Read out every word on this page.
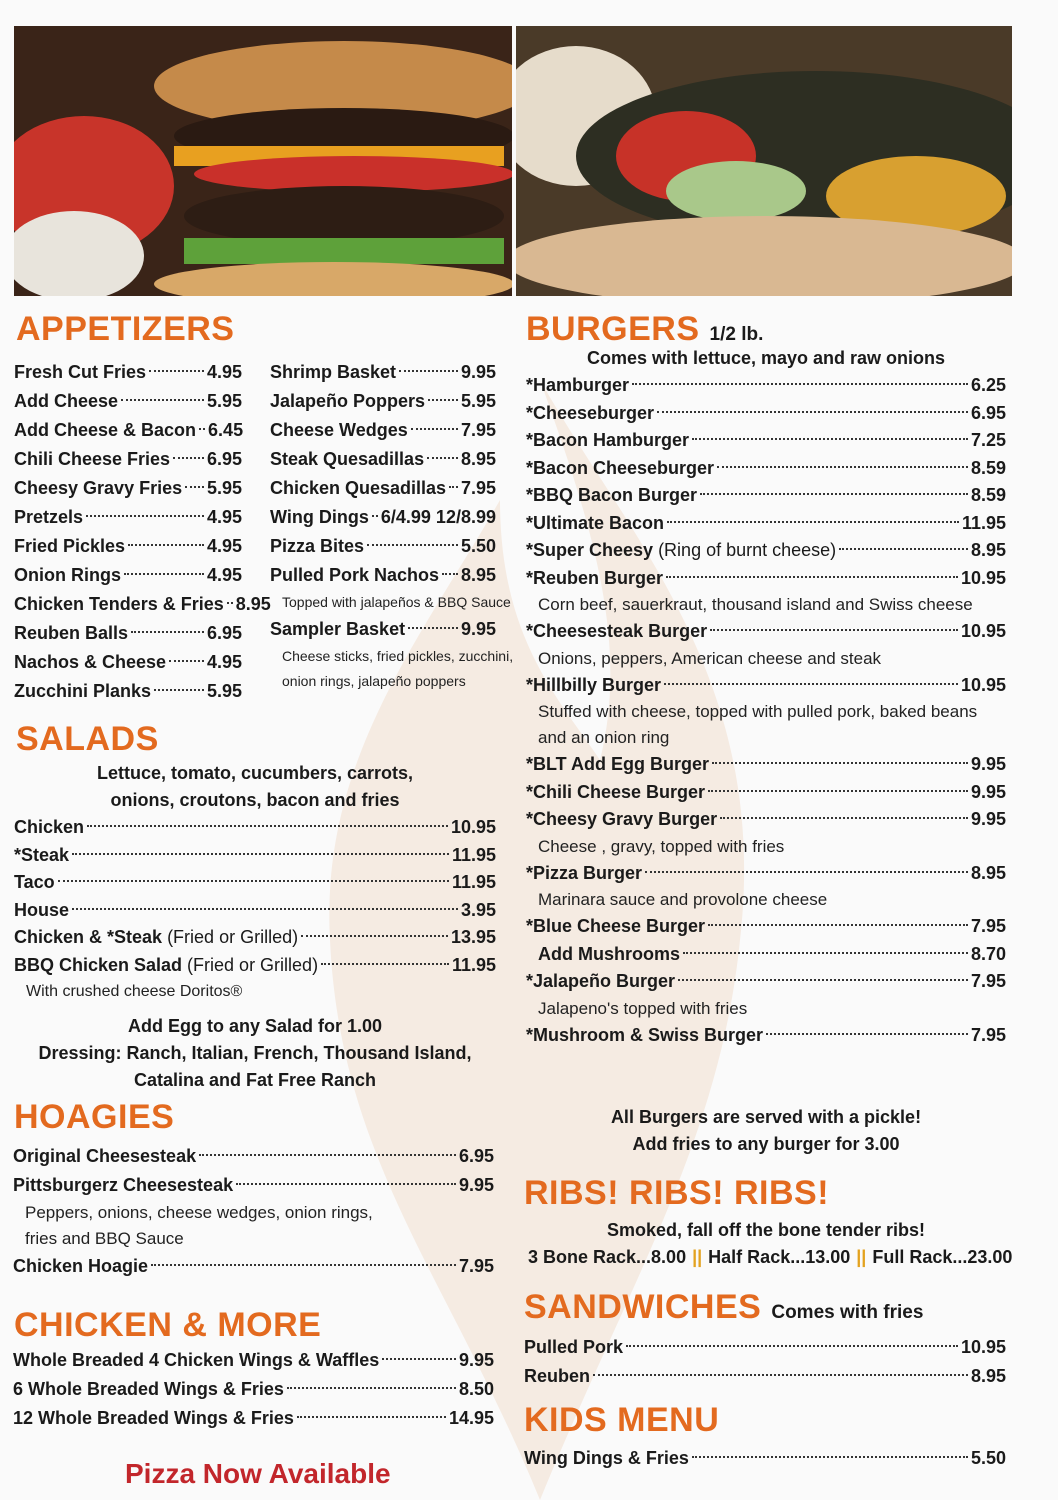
APPETIZERS
Fresh Cut Fries	4.95
Add Cheese	5.95
Add Cheese & Bacon 6.45
Chili Cheese Fries 6.95
Cheesy Gravy Fries 5.95
Pretzels	4.95
Fried Pickles	4.95
Onion Rings	4.95
Chicken Tenders & Fries 8.95
Reuben Balls	6.95
Nachos & Cheese 4.95
Zucchini Planks	5.95
Shrimp Basket	9.95
Jalapeño Poppers 5.95
Cheese Wedges	7.95
Steak Quesadillas 8.95
Chicken Quesadillas 7.95
Wing Dings 6/4.99 12/8.99
Pizza Bites	5.50
Pulled Pork Nachos 8.95
Topped with jalapeños & BBQ Sauce
Sampler Basket	9.95
Cheese sticks, fried pickles, zucchini,
onion rings, jalapeño poppers
SALADS
Lettuce, tomato, cucumbers, carrots,
onions, croutons, bacon and fries
Chicken	10.95
*Steak	11.95
Taco	11.95
House	3.95
Chicken & *Steak (Fried or Grilled)	13.95
BBQ Chicken Salad (Fried or Grilled)	11.95
With crushed cheese Doritos®
Add Egg to any Salad for 1.00
Dressing: Ranch, Italian, French, Thousand Island,
Catalina and Fat Free Ranch
HOAGIES
Original Cheesesteak	6.95
Pittsburgerz Cheesesteak	9.95
Peppers, onions, cheese wedges, onion rings,
fries and BBQ Sauce
Chicken Hoagie	7.95
CHICKEN & MORE
Whole Breaded 4 Chicken Wings & Waffles	9.95
6 Whole Breaded Wings & Fries	8.50
12 Whole Breaded Wings & Fries	14.95
Pizza Now Available
BURGERS 1/2 lb.
Comes with lettuce, mayo and raw onions
*Hamburger	6.25
*Cheeseburger	6.95
*Bacon Hamburger	7.25
*Bacon Cheeseburger	8.59
*BBQ Bacon Burger	8.59
*Ultimate Bacon	11.95
*Super Cheesy (Ring of burnt cheese)	8.95
*Reuben Burger	10.95
Corn beef, sauerkraut, thousand island and Swiss cheese
*Cheesesteak Burger	10.95
Onions, peppers, American cheese and steak
*Hillbilly Burger	10.95
Stuffed with cheese, topped with pulled pork, baked beans
and an onion ring
*BLT Add Egg Burger	9.95
*Chili Cheese Burger	9.95
*Cheesy Gravy Burger	9.95
Cheese , gravy, topped with fries
*Pizza Burger	8.95
Marinara sauce and provolone cheese
*Blue Cheese Burger	7.95
Add Mushrooms	8.70
*Jalapeño Burger	7.95
Jalapeno's topped with fries
*Mushroom & Swiss Burger	7.95
All Burgers are served with a pickle!
Add fries to any burger for 3.00
RIBS! RIBS! RIBS!
Smoked, fall off the bone tender ribs!
3 Bone Rack...8.00 || Half Rack...13.00 || Full Rack...23.00
SANDWICHES Comes with fries
Pulled Pork	10.95
Reuben	8.95
KIDS MENU
Wing Dings & Fries	5.50
